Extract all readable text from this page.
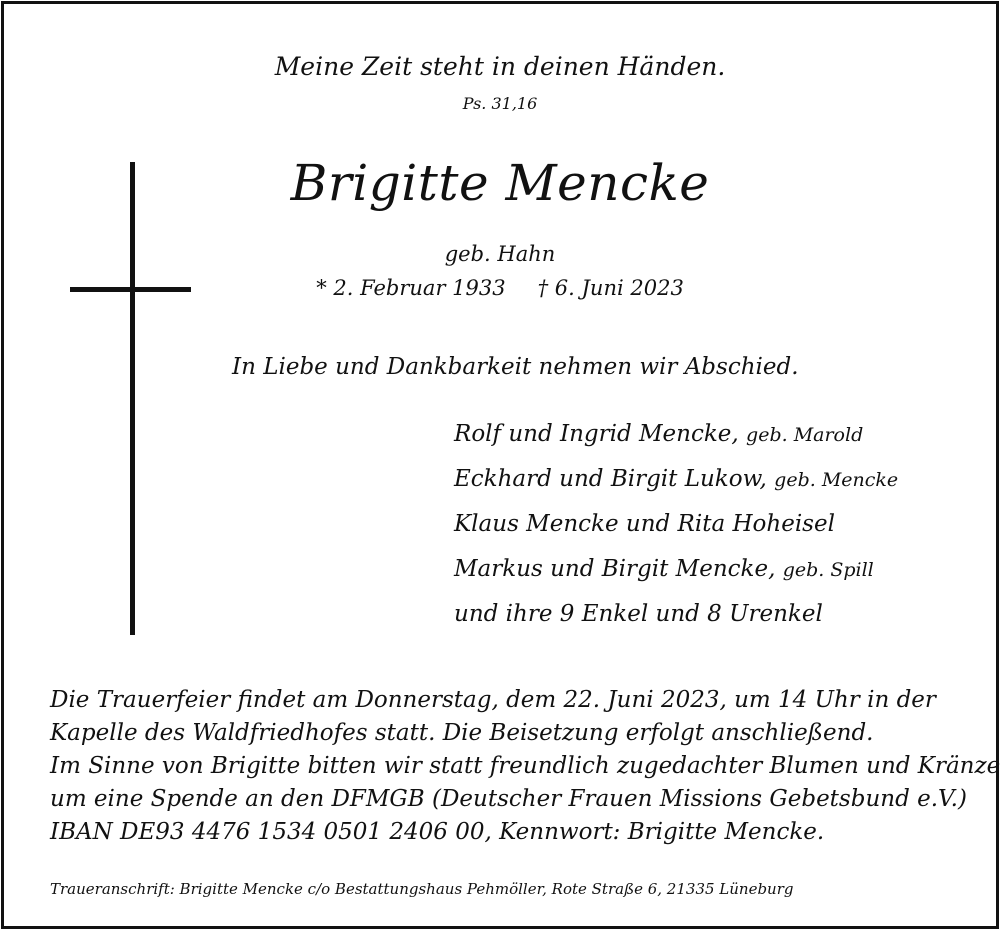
Meine Zeit steht in deinen Händen.
Ps. 31,16
Brigitte Mencke
geb. Hahn
* 2. Februar 1933 † 6. Juni 2023
In Liebe und Dankbarkeit nehmen wir Abschied.
Rolf und Ingrid Mencke, geb. Marold
Eckhard und Birgit Lukow, geb. Mencke
Klaus Mencke und Rita Hoheisel
Markus und Birgit Mencke, geb. Spill
und ihre 9 Enkel und 8 Urenkel
Die Trauerfeier findet am Donnerstag, dem 22. Juni 2023, um 14 Uhr in der
Kapelle des Waldfriedhofes statt. Die Beisetzung erfolgt anschließend.
Im Sinne von Brigitte bitten wir statt freundlich zugedachter Blumen und Kränze
um eine Spende an den DFMGB (Deutscher Frauen Missions Gebetsbund e.V.)
IBAN DE93 4476 1534 0501 2406 00, Kennwort: Brigitte Mencke.
Traueranschrift: Brigitte Mencke c/o Bestattungshaus Pehmöller, Rote Straße 6, 21335 Lüneburg
